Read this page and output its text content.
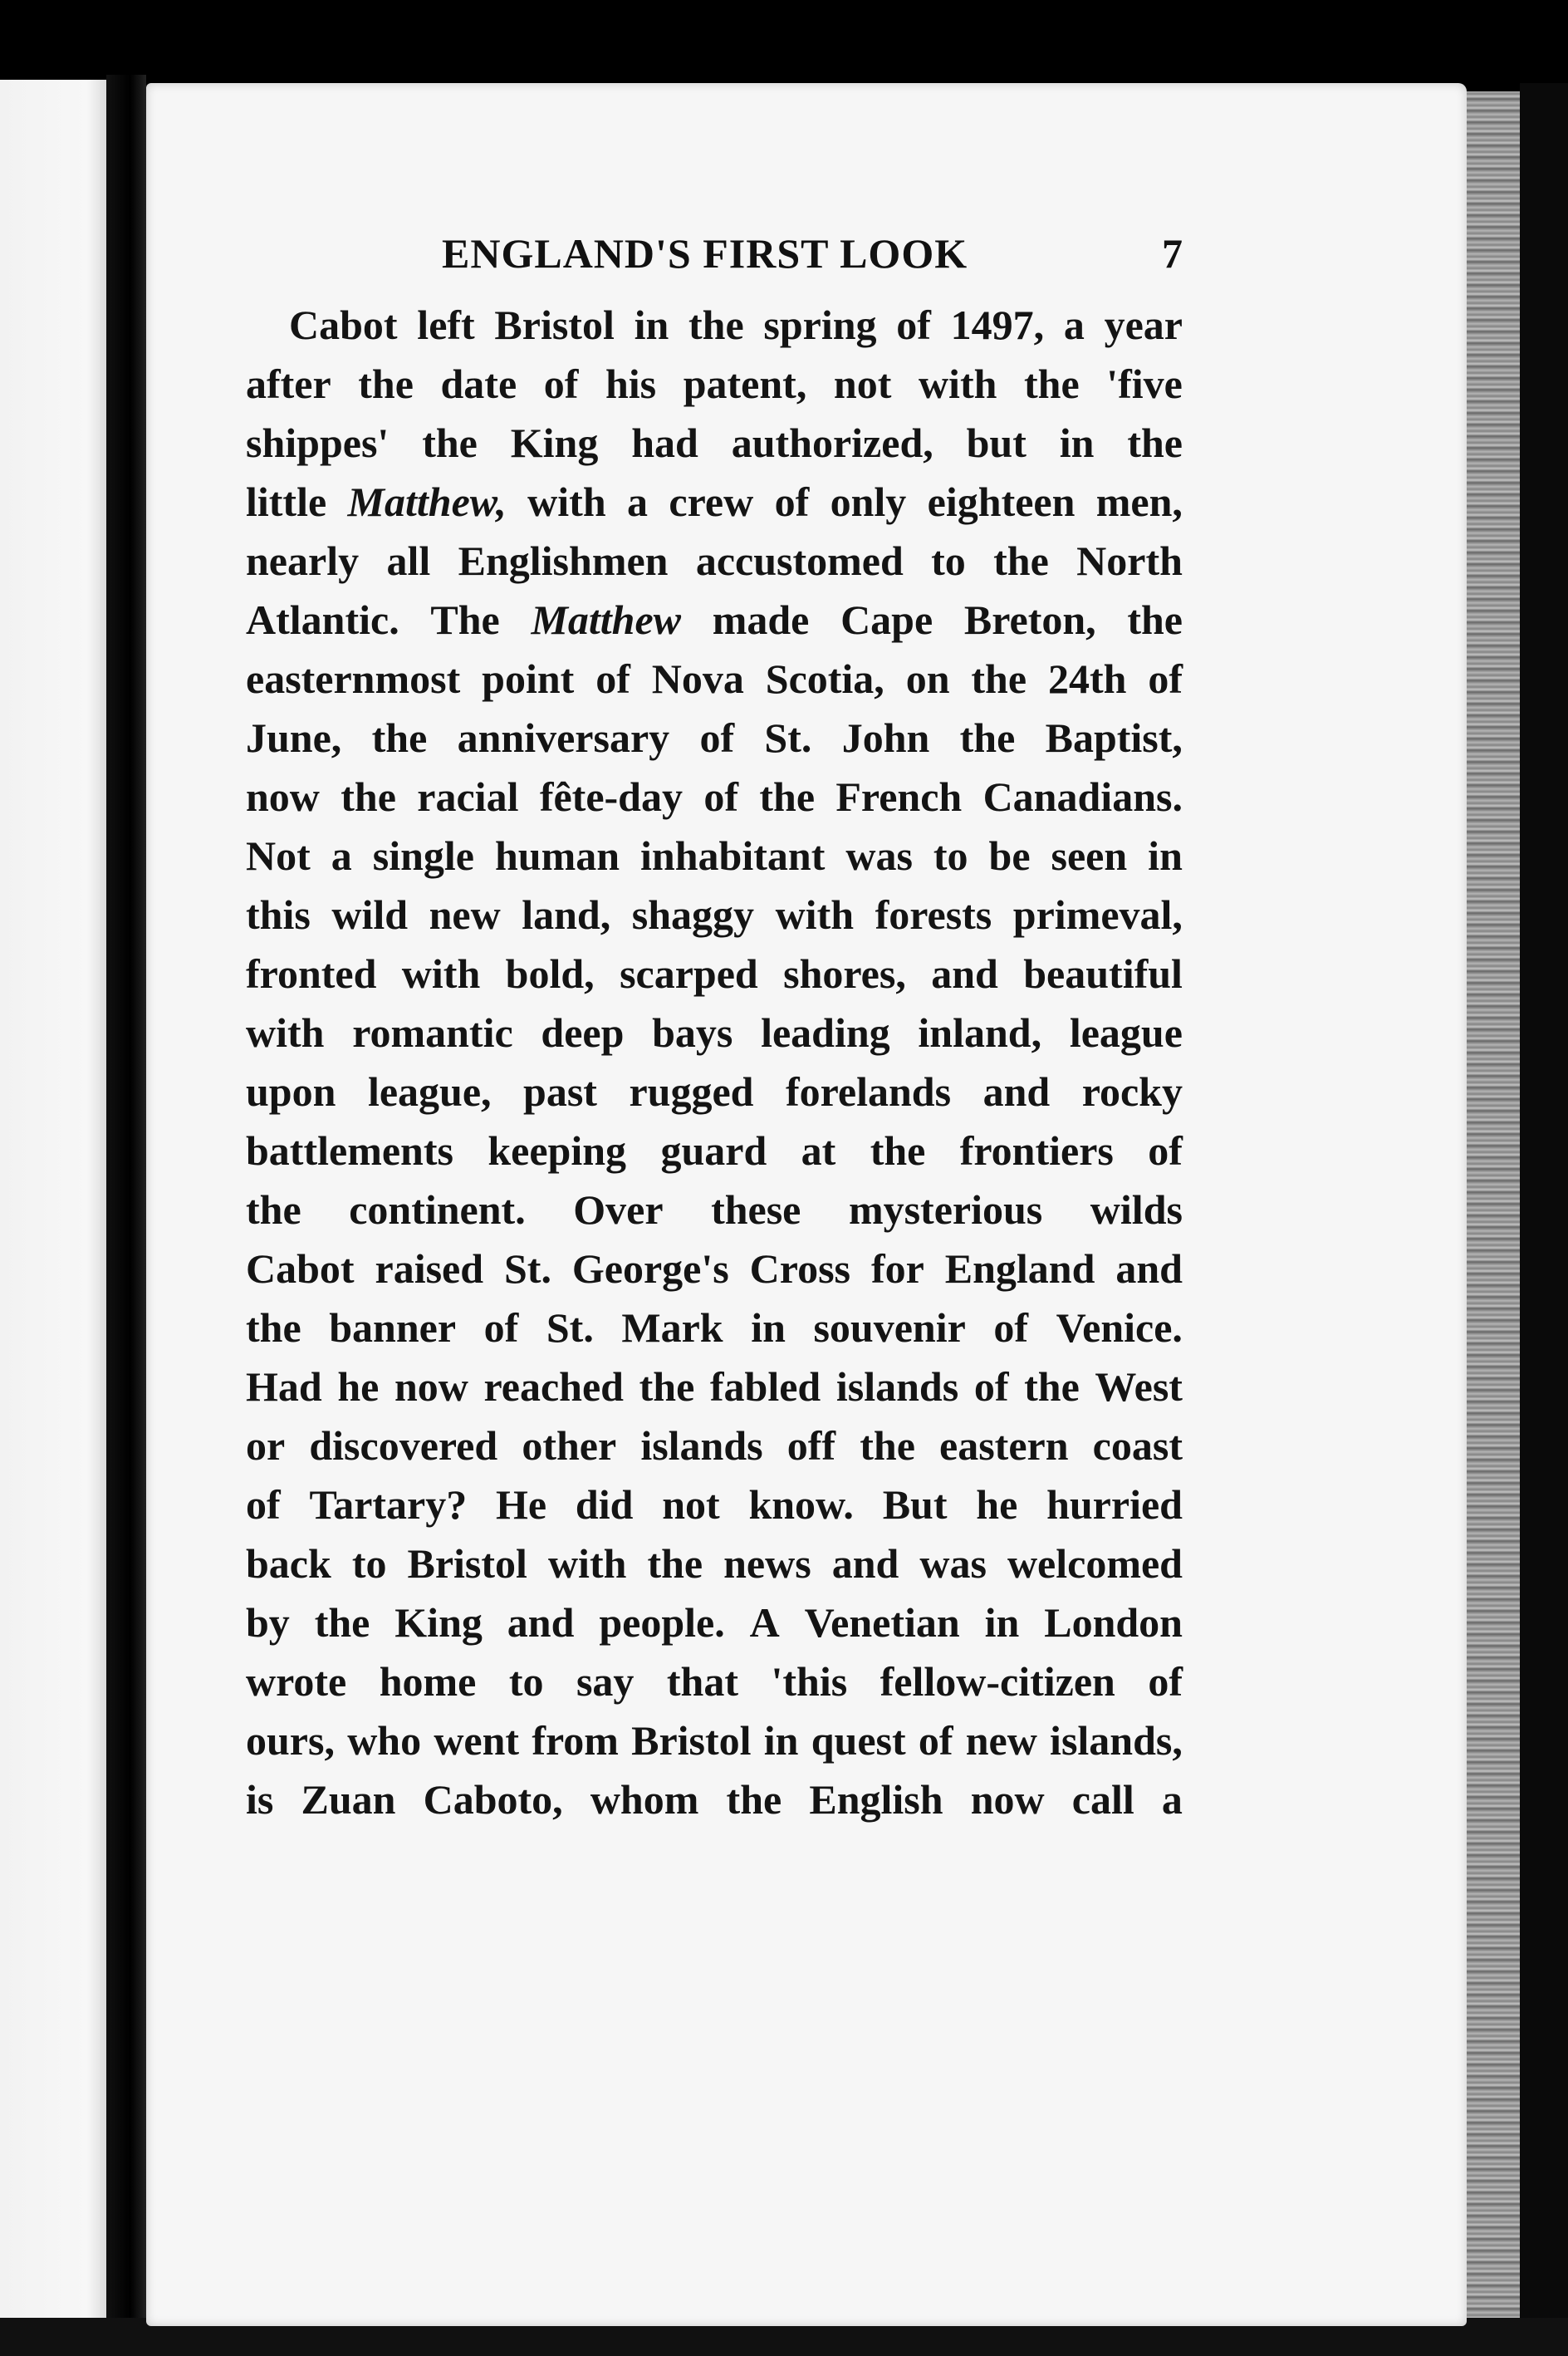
ENGLAND'S FIRST LOOK	7
Cabot left Bristol in the spring of 1497, a year
after the date of his patent, not with the 'five
shippes' the King had authorized, but in the
little Matthew, with a crew of only eighteen men,
nearly all Englishmen accustomed to the North
Atlantic. The Matthew made Cape Breton, the
easternmost point of Nova Scotia, on the 24th of
June, the anniversary of St. John the Baptist,
now the racial fête-day of the French Canadians.
Not a single human inhabitant was to be seen in
this wild new land, shaggy with forests primeval,
fronted with bold, scarped shores, and beautiful
with romantic deep bays leading inland, league
upon league, past rugged forelands and rocky
battlements keeping guard at the frontiers of
the continent. Over these mysterious wilds
Cabot raised St. George's Cross for England and
the banner of St. Mark in souvenir of Venice.
Had he now reached the fabled islands of the West
or discovered other islands off the eastern coast
of Tartary? He did not know. But he hurried
back to Bristol with the news and was welcomed
by the King and people. A Venetian in London
wrote home to say that 'this fellow-citizen of
ours, who went from Bristol in quest of new islands,
is Zuan Caboto, whom the English now call a
